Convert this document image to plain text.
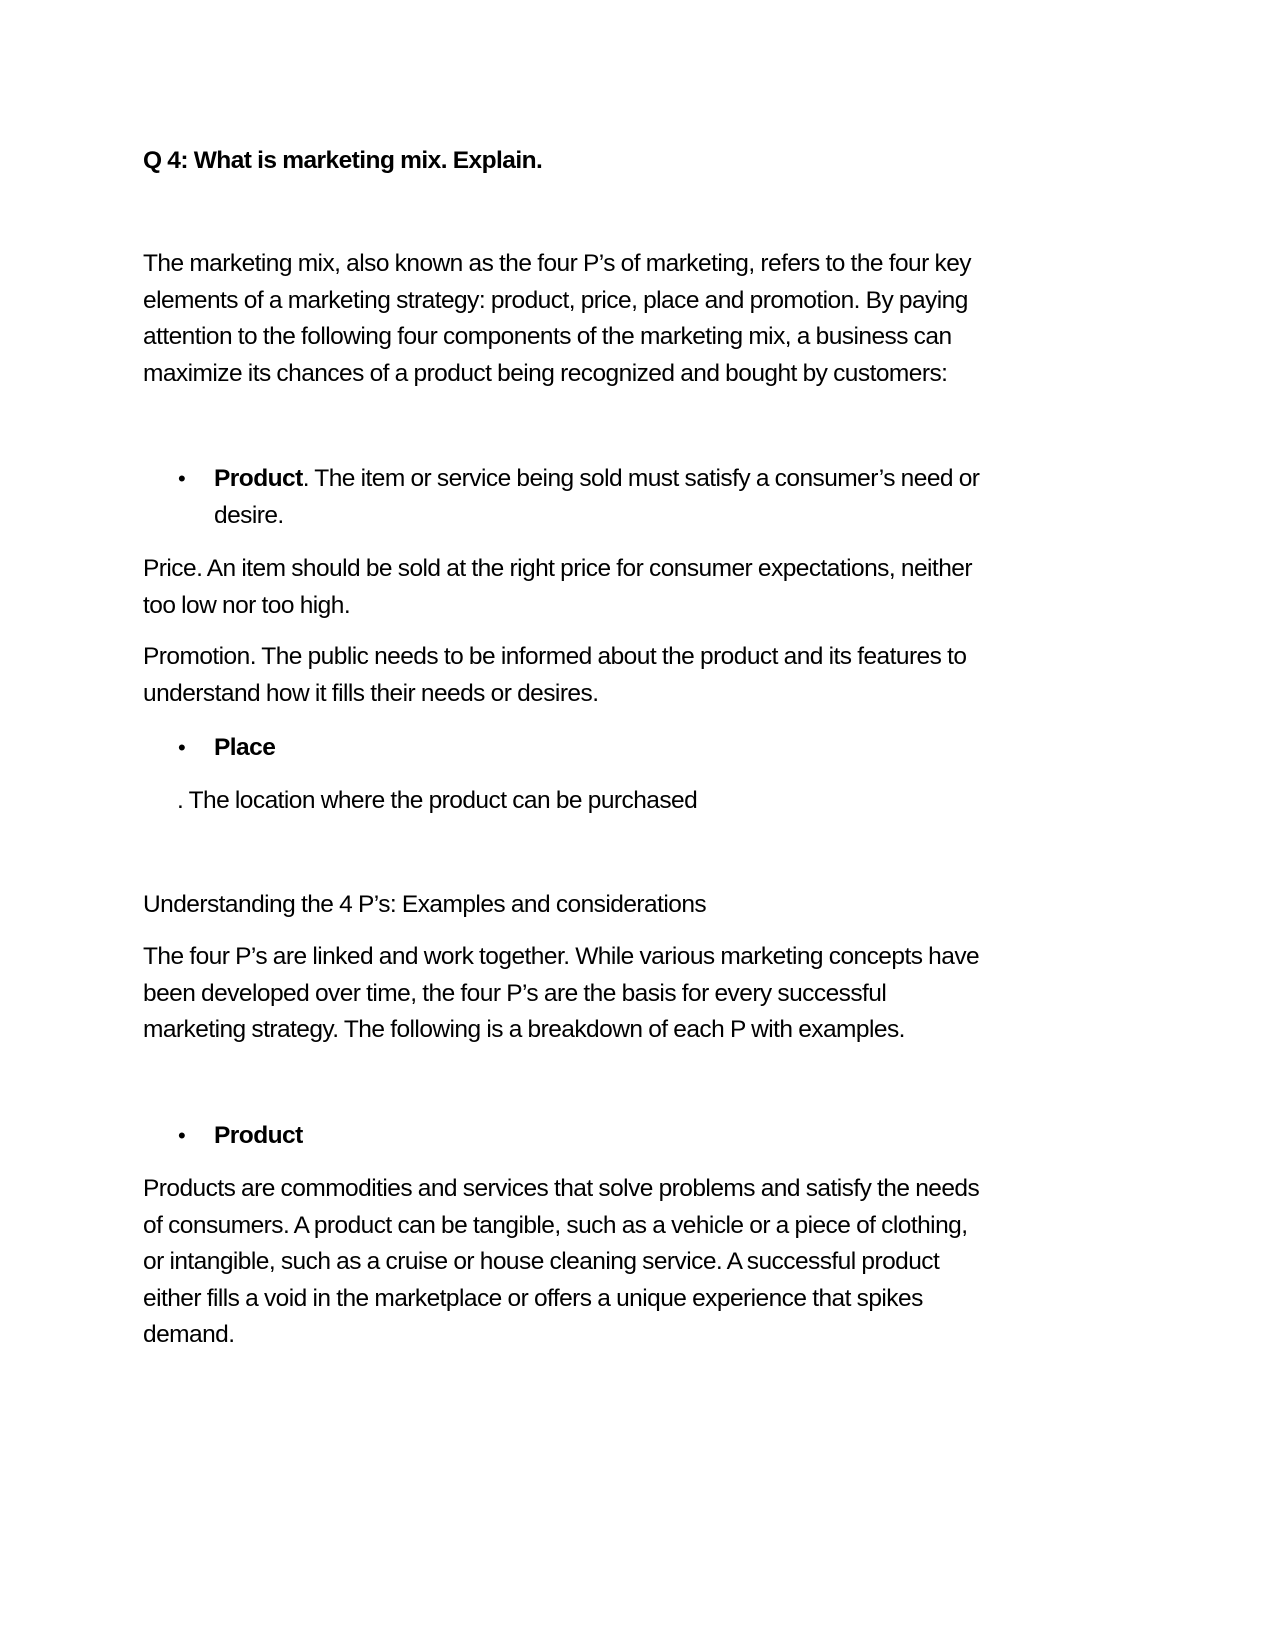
Q 4: What is marketing mix. Explain.
The marketing mix, also known as the four P’s of marketing, refers to the four key
elements of a marketing strategy: product, price, place and promotion. By paying
attention to the following four components of the marketing mix, a business can
maximize its chances of a product being recognized and bought by customers:
• Product. The item or service being sold must satisfy a consumer’s need or
desire.
Price. An item should be sold at the right price for consumer expectations, neither
too low nor too high.
Promotion. The public needs to be informed about the product and its features to
understand how it fills their needs or desires.
• Place
. The location where the product can be purchased
Understanding the 4 P’s: Examples and considerations
The four P’s are linked and work together. While various marketing concepts have
been developed over time, the four P’s are the basis for every successful
marketing strategy. The following is a breakdown of each P with examples.
• Product
Products are commodities and services that solve problems and satisfy the needs
of consumers. A product can be tangible, such as a vehicle or a piece of clothing,
or intangible, such as a cruise or house cleaning service. A successful product
either fills a void in the marketplace or offers a unique experience that spikes
demand.
